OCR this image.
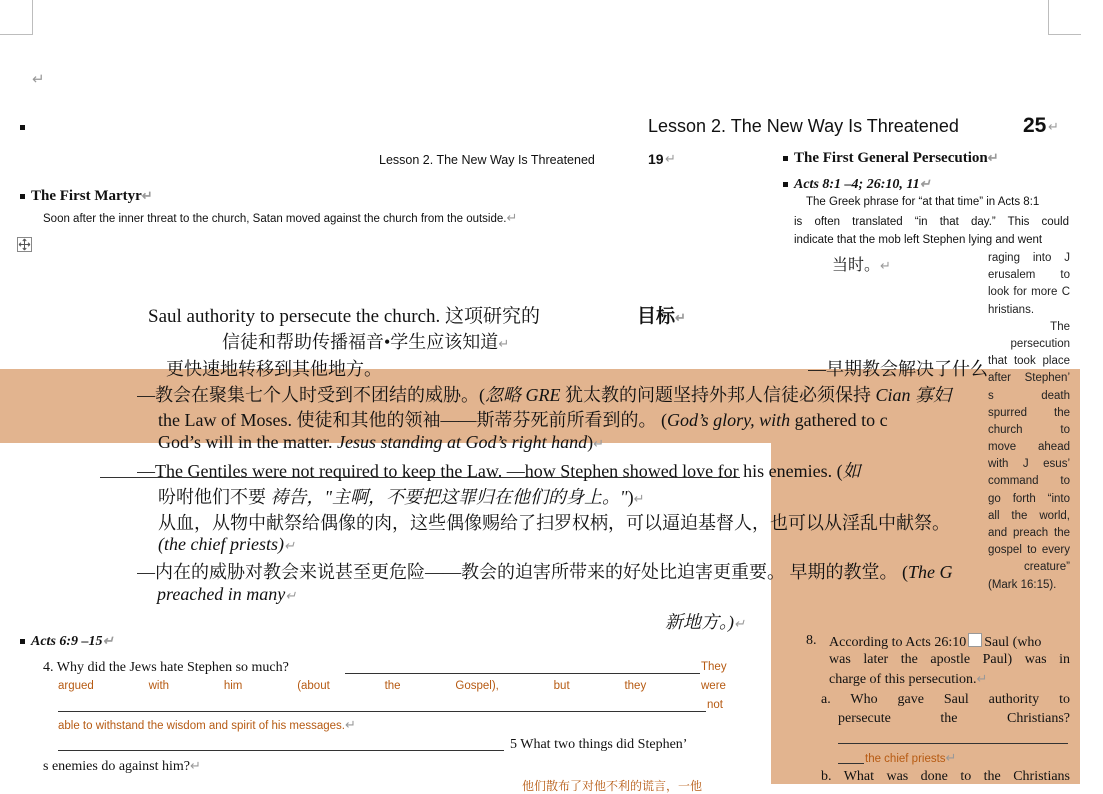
↵
Lesson 2. The New Way Is Threatened	25 ↵
Lesson 2. The New Way Is Threatened	19 ↵	The First General Persecution↵
Acts 8:1 –4; 26:10, 11↵
The Greek phrase for “at that time” in Acts 8:1
is often translated “in that day.” This could
indicate that the mob left Stephen lying and went
当时。↵	raging into J
erusalem to
look for more C
hristians.
The
persecution
that took place
after Stephen’
s death
spurred the
church to
move ahead
with J esus’
command to
go forth “into
all the world,
and preach the
gospel to every
creature”
(Mark 16:15).
The First Martyr↵
Soon after the inner threat to the church, Satan moved against the church from the outside.↵
Saul authority to persecute the church. 这项研究的	目标↵
信徒和帮助传播福音•学生应该知道↵
更快速地转移到其他地方。	—早期教会解决了什么
—教会在聚集七个人时受到不团结的威胁。(忽略 GRE 犹太教的问题坚持外邦人信徒必须保持 Cian 寡妇
the Law of Moses. 使徒和其他的领袖——斯蒂芬死前所看到的。 (God’s glory, with gathered to c
God’s will in the matter. Jesus standing at God’s right hand)↵
—The Gentiles were not required to keep the Law. —how Stephen showed love for his enemies. (如
吩咐他们不要 祷告，"主啊，不要把这罪归在他们的身上。")↵
从血，从物中献祭给偶像的肉，这些偶像赐给了扫罗权柄，可以逼迫基督人，也可以从淫乱中献祭。
(the chief priests)↵
—内在的威胁对教会来说甚至更危险——教会的迫害所带来的好处比迫害更重要。 早期的教堂。 (The G
preached in many↵
新地方。)↵
Acts 6:9 –15↵
4. Why did the Jews hate Stephen so much?	They
argued	with	him	(about	the	Gospel),	but	they	were
not
able to withstand the wisdom and spirit of his messages.↵
5 What two things did Stephen’
s enemies do against him?↵
他们散布了对他不利的谎言，一他
8. According to Acts 26:10 Saul (who
was later the apostle Paul) was in
charge of this persecution.↵
a. Who gave Saul authority to
persecute the Christians?
the chief priests↵
b. What was done to the Christians
